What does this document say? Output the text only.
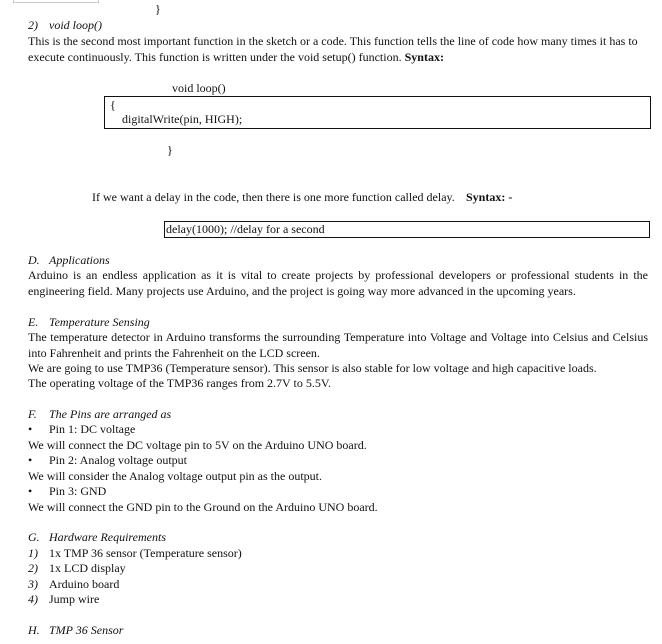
}
2) void loop()
This is the second most important function in the sketch or a code. This function tells the line of code how many times it has to
execute continuously. This function is written under the void setup() function. Syntax:
void loop()
{
digitalWrite(pin, HIGH);
}
If we want a delay in the code, then there is one more function called delay. Syntax: -
delay(1000); //delay for a second
D. Applications
Arduino is an endless application as it is vital to create projects by professional developers or professional students in the engineering field. Many projects use Arduino, and the project is going way more advanced in the upcoming years.
E. Temperature Sensing
The temperature detector in Arduino transforms the surrounding Temperature into Voltage and Voltage into Celsius and Celsius into Fahrenheit and prints the Fahrenheit on the LCD screen.
We are going to use TMP36 (Temperature sensor). This sensor is also stable for low voltage and high capacitive loads.
The operating voltage of the TMP36 ranges from 2.7V to 5.5V.
F. The Pins are arranged as
• Pin 1: DC voltage
We will connect the DC voltage pin to 5V on the Arduino UNO board.
• Pin 2: Analog voltage output
We will consider the Analog voltage output pin as the output.
• Pin 3: GND
We will connect the GND pin to the Ground on the Arduino UNO board.
G. Hardware Requirements
1) 1x TMP 36 sensor (Temperature sensor)
2) 1x LCD display
3) Arduino board
4) Jump wire
H. TMP 36 Sensor
